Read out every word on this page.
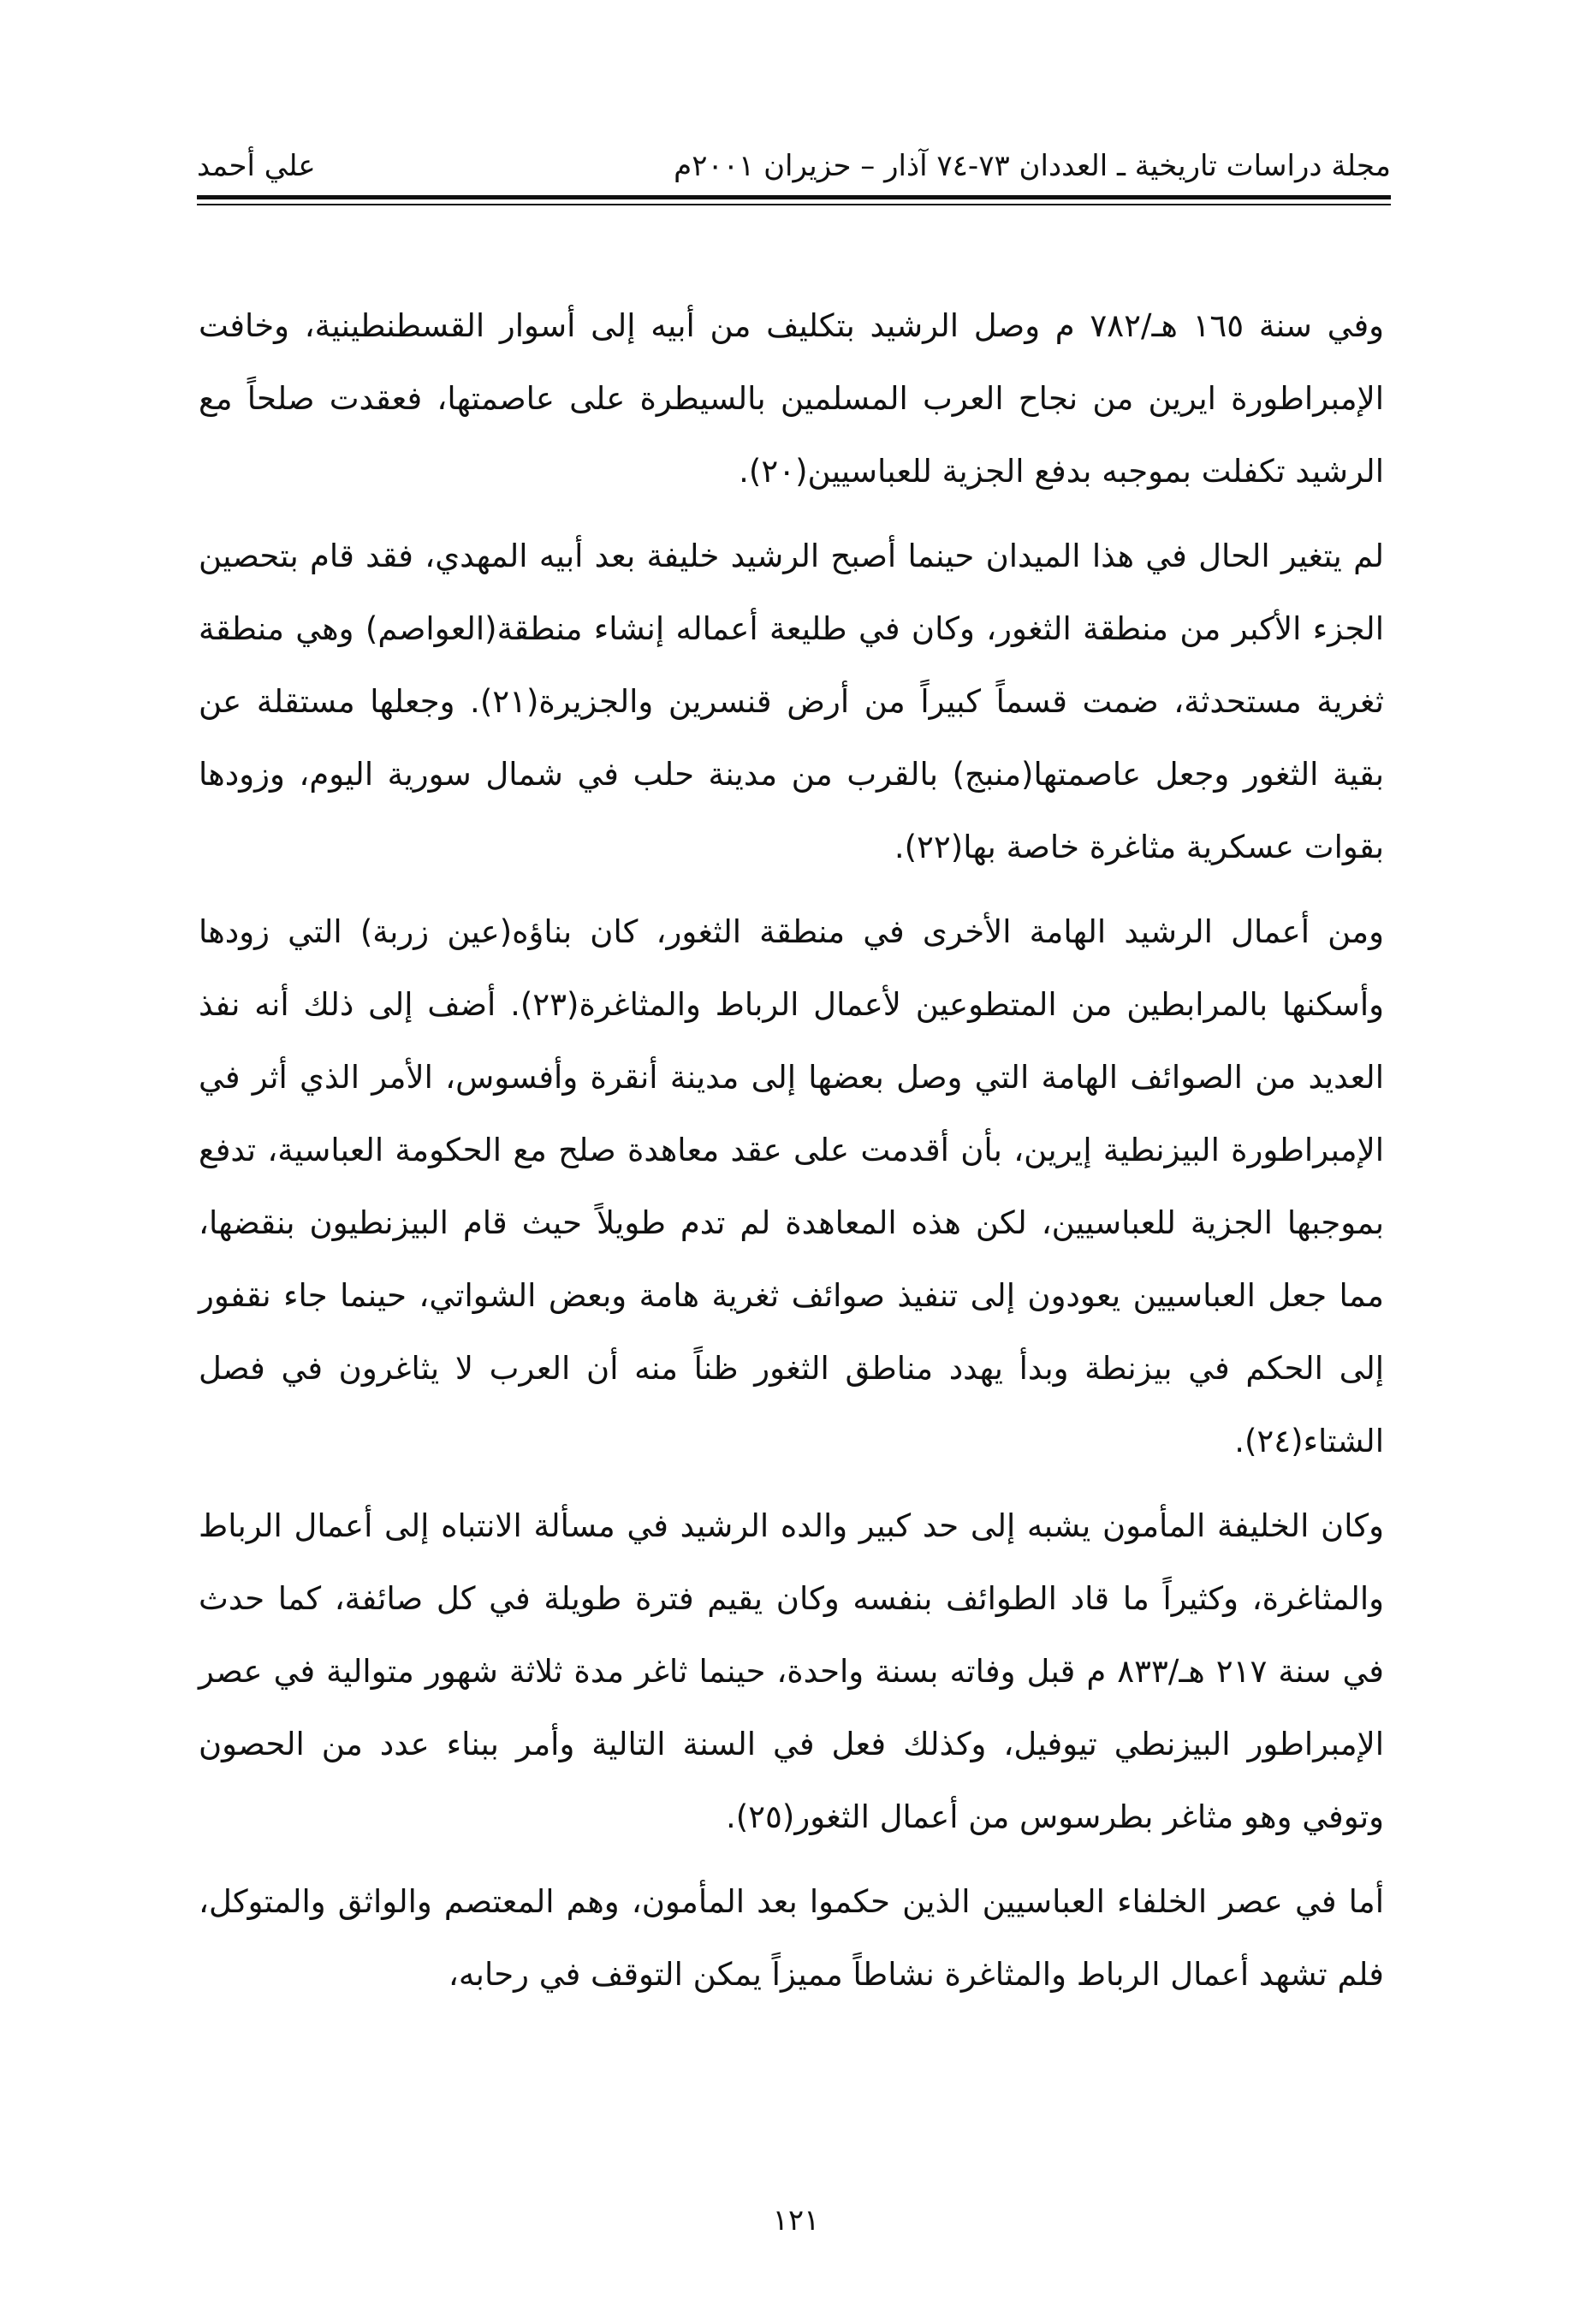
مجلة دراسات تاريخية ـ العددان ٧٣-٧٤ آذار – حزيران ٢٠٠١م
علي أحمد

وفي سنة ١٦٥ هـ/٧٨٢ م وصل الرشيد بتكليف من أبيه إلى أسوار القسطنطينية، وخافت الإمبراطورة ايرين من نجاح العرب المسلمين بالسيطرة على عاصمتها، فعقدت صلحاً مع الرشيد تكفلت بموجبه بدفع الجزية للعباسيين(٢٠).

لم يتغير الحال في هذا الميدان حينما أصبح الرشيد خليفة بعد أبيه المهدي، فقد قام بتحصين الجزء الأكبر من منطقة الثغور، وكان في طليعة أعماله إنشاء منطقة(العواصم) وهي منطقة ثغرية مستحدثة، ضمت قسماً كبيراً من أرض قنسرين والجزيرة(٢١). وجعلها مستقلة عن بقية الثغور وجعل عاصمتها(منبج) بالقرب من مدينة حلب في شمال سورية اليوم، وزودها بقوات عسكرية مثاغرة خاصة بها(٢٢).

ومن أعمال الرشيد الهامة الأخرى في منطقة الثغور، كان بناؤه(عين زربة) التي زودها وأسكنها بالمرابطين من المتطوعين لأعمال الرباط والمثاغرة(٢٣). أضف إلى ذلك أنه نفذ العديد من الصوائف الهامة التي وصل بعضها إلى مدينة أنقرة وأفسوس، الأمر الذي أثر في الإمبراطورة البيزنطية إيرين، بأن أقدمت على عقد معاهدة صلح مع الحكومة العباسية، تدفع بموجبها الجزية للعباسيين، لكن هذه المعاهدة لم تدم طويلاً حيث قام البيزنطيون بنقضها، مما جعل العباسيين يعودون إلى تنفيذ صوائف ثغرية هامة وبعض الشواتي، حينما جاء نقفور إلى الحكم في بيزنطة وبدأ يهدد مناطق الثغور ظناً منه أن العرب لا يثاغرون في فصل الشتاء(٢٤).

وكان الخليفة المأمون يشبه إلى حد كبير والده الرشيد في مسألة الانتباه إلى أعمال الرباط والمثاغرة، وكثيراً ما قاد الطوائف بنفسه وكان يقيم فترة طويلة في كل صائفة، كما حدث في سنة ٢١٧ هـ/٨٣٣ م قبل وفاته بسنة واحدة، حينما ثاغر مدة ثلاثة شهور متوالية في عصر الإمبراطور البيزنطي تيوفيل، وكذلك فعل في السنة التالية وأمر ببناء عدد من الحصون وتوفي وهو مثاغر بطرسوس من أعمال الثغور(٢٥).

أما في عصر الخلفاء العباسيين الذين حكموا بعد المأمون، وهم المعتصم والواثق والمتوكل، فلم تشهد أعمال الرباط والمثاغرة نشاطاً مميزاً يمكن التوقف في رحابه،

١٢١
